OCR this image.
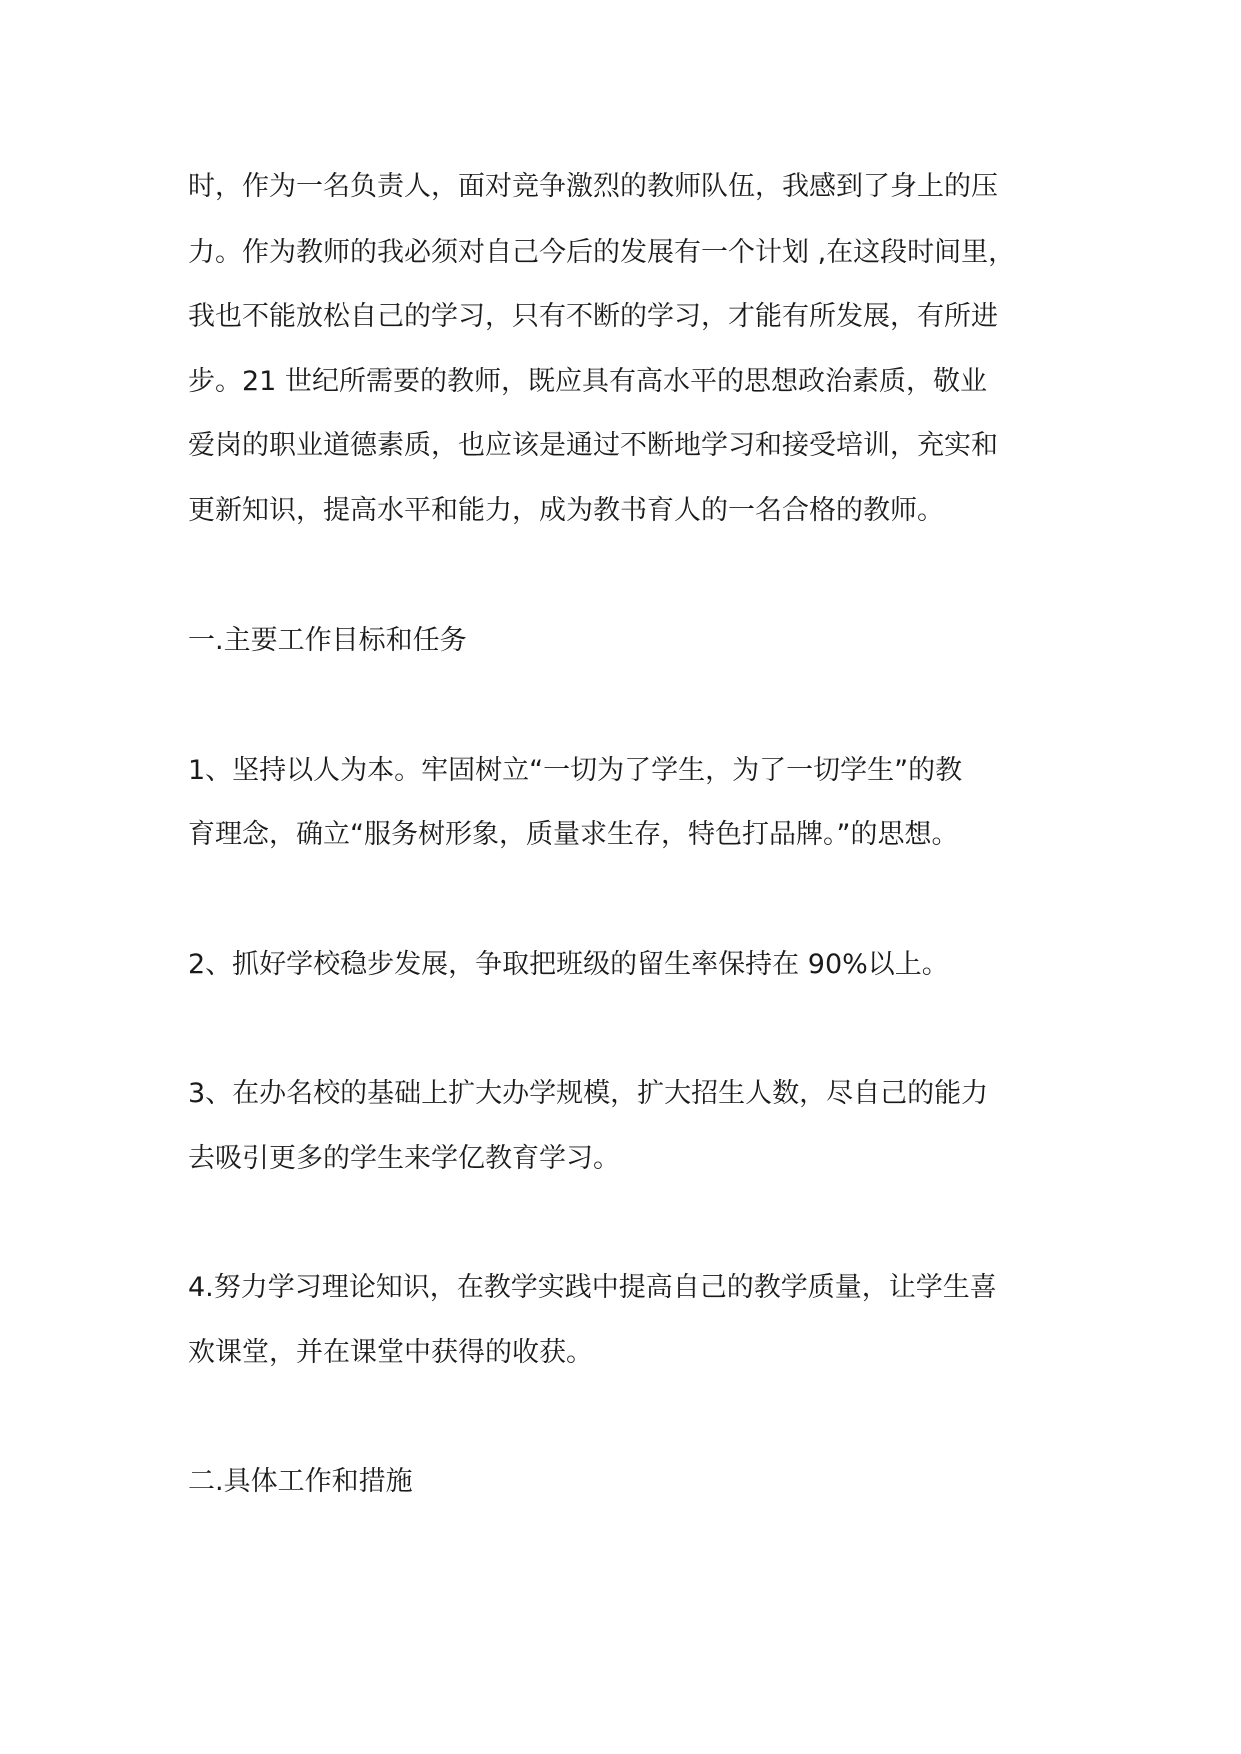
时，作为一名负责人，面对竞争激烈的教师队伍，我感到了身上的压

力。作为教师的我必须对自己今后的发展有一个计划 ,在这段时间里，

我也不能放松自己的学习，只有不断的学习，才能有所发展，有所进

步。21 世纪所需要的教师，既应具有高水平的思想政治素质，敬业

爱岗的职业道德素质，也应该是通过不断地学习和接受培训，充实和

更新知识，提高水平和能力，成为教书育人的一名合格的教师。

一.主要工作目标和任务

1、坚持以人为本。牢固树立“一切为了学生，为了一切学生”的教

育理念，确立“服务树形象，质量求生存，特色打品牌。”的思想。

2、抓好学校稳步发展，争取把班级的留生率保持在 90%以上。

3、在办名校的基础上扩大办学规模，扩大招生人数，尽自己的能力

去吸引更多的学生来学亿教育学习。

4.努力学习理论知识，在教学实践中提高自己的教学质量，让学生喜

欢课堂，并在课堂中获得的收获。

二.具体工作和措施
